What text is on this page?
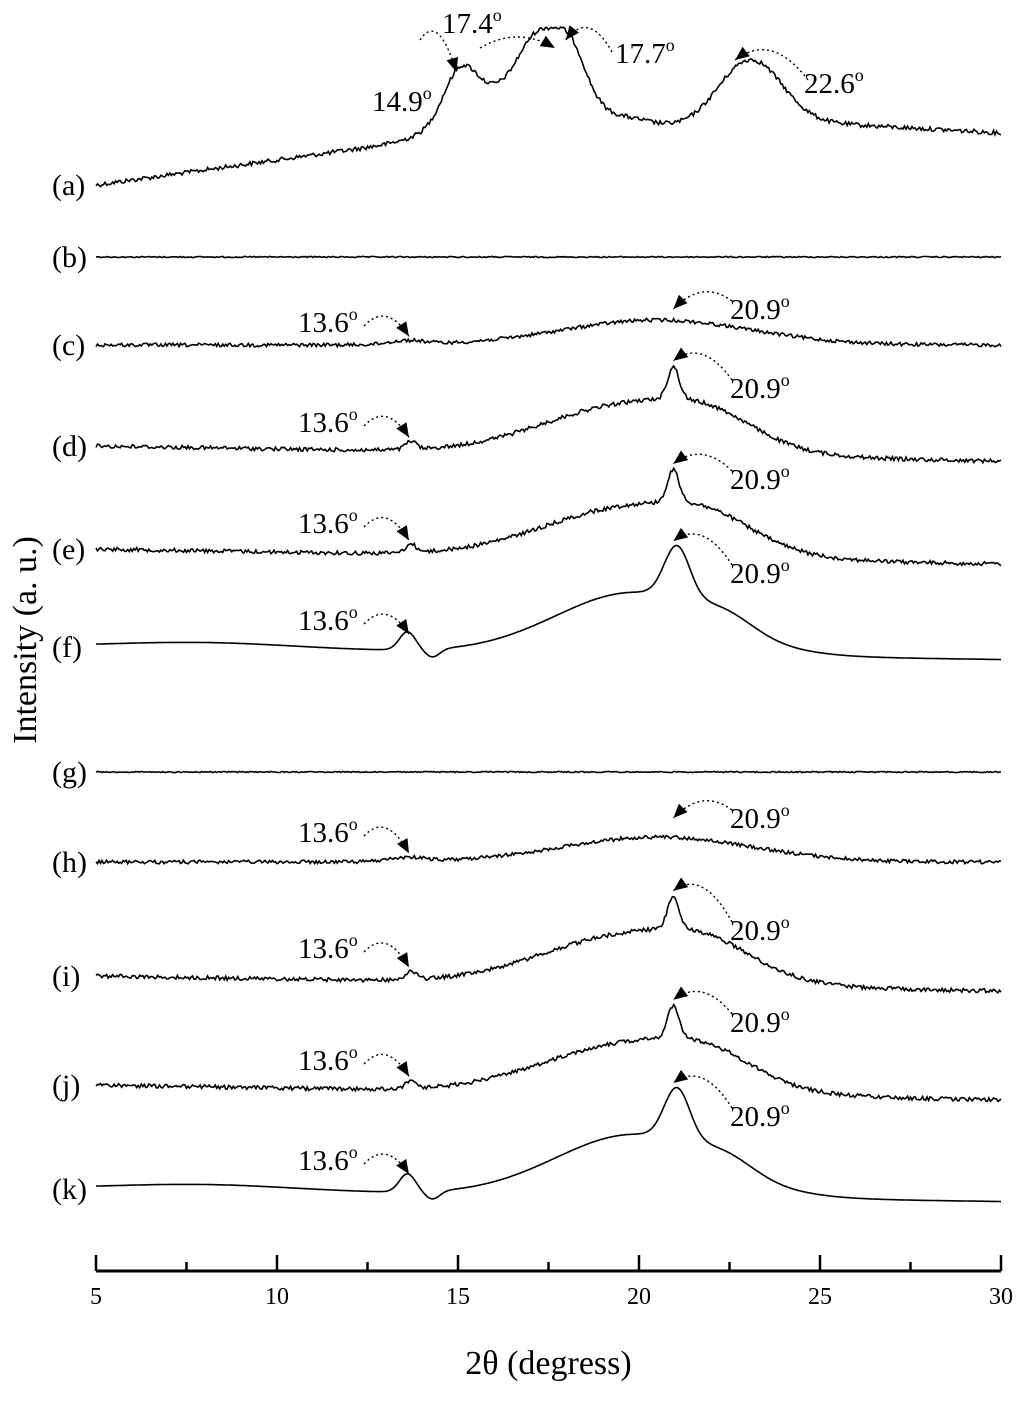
(a)
(b)
(c)
(d)
(e)
(f)
(g)
(h)
(i)
(j)
(k)
14.9$^o$
17.4$^o$
17.7$^o$
22.6$^o$
13.6$^o$	20.9$^o$
13.6$^o$
20.9$^o$
13.6$^o$
20.9$^o$
13.6$^o$
20.9$^o$
13.6$^o$	20.9$^o$
13.6$^o$	20.9$^o$
13.6$^o$
20.9$^o$
13.6$^o$
20.9$^o$
5	10	15	20	25	30
2θ (degress)
Intensity (a. u.)
